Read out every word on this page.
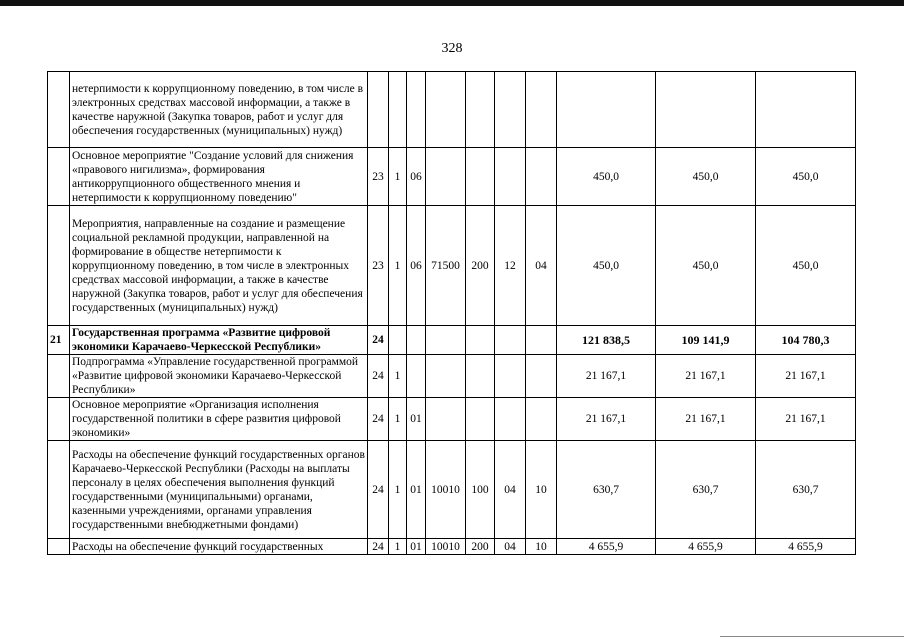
328
	нетерпимости к коррупционному поведению, в том числе в электронных средствах массовой информации, а также в качестве наружной (Закупка товаров, работ и услуг для обеспечения государственных (муниципальных) нужд)										
	Основное мероприятие "Создание условий для снижения «правового нигилизма», формирования антикоррупционного общественного мнения и нетерпимости к коррупционному поведению"	23	1	06					450,0	450,0	450,0
	Мероприятия, направленные на создание и размещение социальной рекламной продукции, направленной на формирование в обществе нетерпимости к коррупционному поведению, в том числе в электронных средствах массовой информации, а также в качестве наружной (Закупка товаров, работ и услуг для обеспечения государственных (муниципальных) нужд)	23	1	06	71500	200	12	04	450,0	450,0	450,0
21	Государственная программа «Развитие цифровой экономики Карачаево-Черкесской Республики»	24							121 838,5	109 141,9	104 780,3
	Подпрограмма «Управление государственной программой «Развитие цифровой экономики Карачаево-Черкесской Республики»	24	1						21 167,1	21 167,1	21 167,1
	Основное мероприятие «Организация исполнения государственной политики в сфере развития цифровой экономики»	24	1	01					21 167,1	21 167,1	21 167,1
	Расходы на обеспечение функций государственных органов Карачаево-Черкесской Республики (Расходы на выплаты персоналу в целях обеспечения выполнения функций государственными (муниципальными) органами, казенными учреждениями, органами управления государственными внебюджетными фондами)	24	1	01	10010	100	04	10	630,7	630,7	630,7
	Расходы на обеспечение функций государственных	24	1	01	10010	200	04	10	4 655,9	4 655,9	4 655,9
